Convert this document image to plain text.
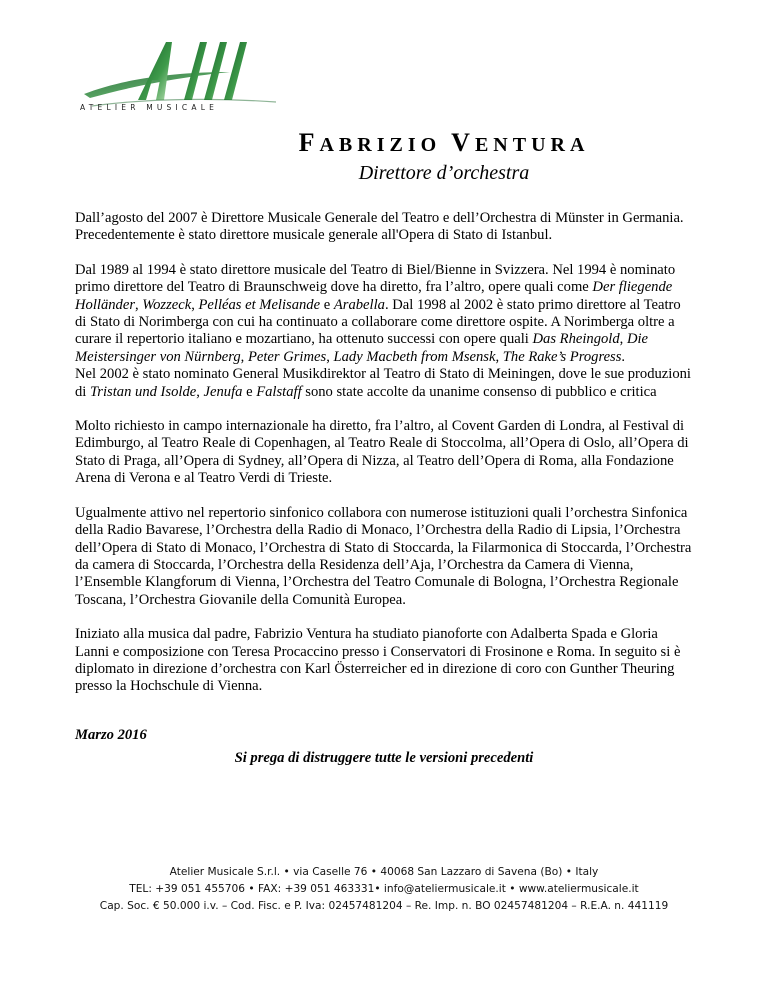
ATELIER MUSICALE
FABRIZIO VENTURA
Direttore d’orchestra

Dall’agosto del 2007 è Direttore Musicale Generale del Teatro e dell’Orchestra di Münster in Germania. Precedentemente è stato direttore musicale generale all'Opera di Stato di Istanbul.

Dal 1989 al 1994 è stato direttore musicale del Teatro di Biel/Bienne in Svizzera. Nel 1994 è nominato primo direttore del Teatro di Braunschweig dove ha diretto, fra l’altro, opere quali come Der fliegende Holländer, Wozzeck, Pelléas et Melisande e Arabella. Dal 1998 al 2002 è stato primo direttore al Teatro di Stato di Norimberga con cui ha continuato a collaborare come direttore ospite. A Norimberga oltre a curare il repertorio italiano e mozartiano, ha ottenuto successi con opere quali Das Rheingold, Die Meistersinger von Nürnberg, Peter Grimes, Lady Macbeth from Msensk, The Rake’s Progress.

Nel 2002 è stato nominato General Musikdirektor al Teatro di Stato di Meiningen, dove le sue produzioni di Tristan und Isolde, Jenufa e Falstaff sono state accolte da unanime consenso di pubblico e critica

Molto richiesto in campo internazionale ha diretto, fra l’altro, al Covent Garden di Londra, al Festival di Edimburgo, al Teatro Reale di Copenhagen, al Teatro Reale di Stoccolma, all’Opera di Oslo, all’Opera di Stato di Praga, all’Opera di Sydney, all’Opera di Nizza, al Teatro dell’Opera di Roma, alla Fondazione Arena di Verona e al Teatro Verdi di Trieste.

Ugualmente attivo nel repertorio sinfonico collabora con numerose istituzioni quali l’orchestra Sinfonica della Radio Bavarese, l’Orchestra della Radio di Monaco, l’Orchestra della Radio di Lipsia, l’Orchestra dell’Opera di Stato di Monaco, l’Orchestra di Stato di Stoccarda, la Filarmonica di Stoccarda, l’Orchestra da camera di Stoccarda, l’Orchestra della Residenza dell’Aja, l’Orchestra da Camera di Vienna, l’Ensemble Klangforum di Vienna, l’Orchestra del Teatro Comunale di Bologna, l’Orchestra Regionale Toscana, l’Orchestra Giovanile della Comunità Europea.

Iniziato alla musica dal padre, Fabrizio Ventura ha studiato pianoforte con Adalberta Spada e Gloria Lanni e composizione con Teresa Procaccino presso i Conservatori di Frosinone e Roma. In seguito si è diplomato in direzione d’orchestra con Karl Österreicher ed in direzione di coro con Gunther Theuring presso la Hochschule di Vienna.

Marzo 2016
Si prega di distruggere tutte le versioni precedenti
Atelier Musicale S.r.l. • via Caselle 76 • 40068 San Lazzaro di Savena (Bo) • Italy
TEL: +39 051 455706 • FAX: +39 051 463331• info@ateliermusicale.it • www.ateliermusicale.it
Cap. Soc. € 50.000 i.v. – Cod. Fisc. e P. Iva: 02457481204 – Re. Imp. n. BO 02457481204 – R.E.A. n. 441119
